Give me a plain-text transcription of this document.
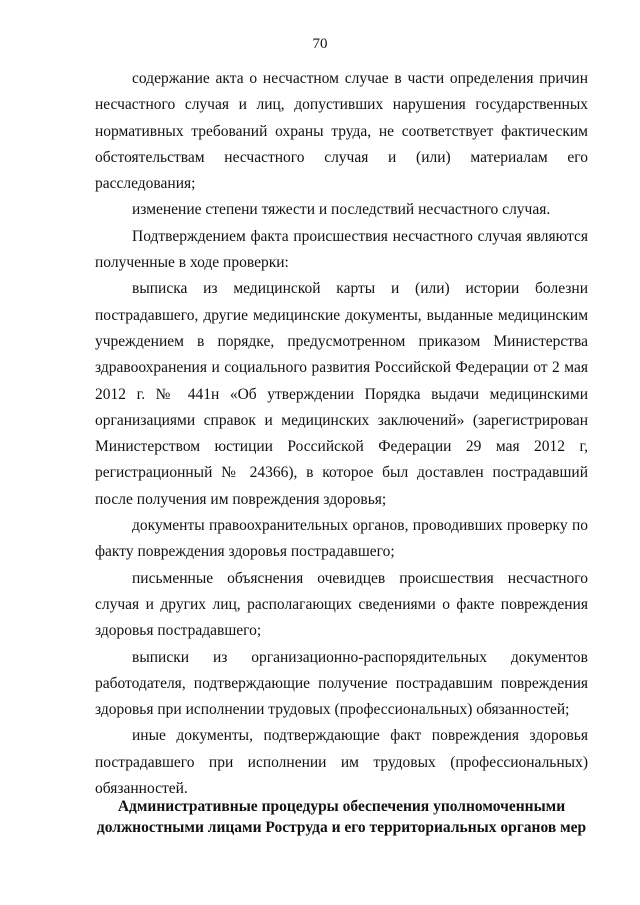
70

содержание акта о несчастном случае в части определения причин несчастного случая и лиц, допустивших нарушения государственных нормативных требований охраны труда, не соответствует фактическим обстоятельствам несчастного случая и (или) материалам его расследования;

изменение степени тяжести и последствий несчастного случая.

Подтверждением факта происшествия несчастного случая являются полученные в ходе проверки:

выписка из медицинской карты и (или) истории болезни пострадавшего, другие медицинские документы, выданные медицинским учреждением в порядке, предусмотренном приказом Министерства здравоохранения и социального развития Российской Федерации от 2 мая 2012 г. № 441н «Об утверждении Порядка выдачи медицинскими организациями справок и медицинских заключений» (зарегистрирован Министерством юстиции Российской Федерации 29 мая 2012 г, регистрационный № 24366), в которое был доставлен пострадавший после получения им повреждения здоровья;

документы правоохранительных органов, проводивших проверку по факту повреждения здоровья пострадавшего;

письменные объяснения очевидцев происшествия несчастного случая и других лиц, располагающих сведениями о факте повреждения здоровья пострадавшего;

выписки из организационно-распорядительных документов работодателя, подтверждающие получение пострадавшим повреждения здоровья при исполнении трудовых (профессиональных) обязанностей;

иные документы, подтверждающие факт повреждения здоровья пострадавшего при исполнении им трудовых (профессиональных) обязанностей.

Административные процедуры обеспечения уполномоченными должностными лицами Роструда и его территориальных органов мер
